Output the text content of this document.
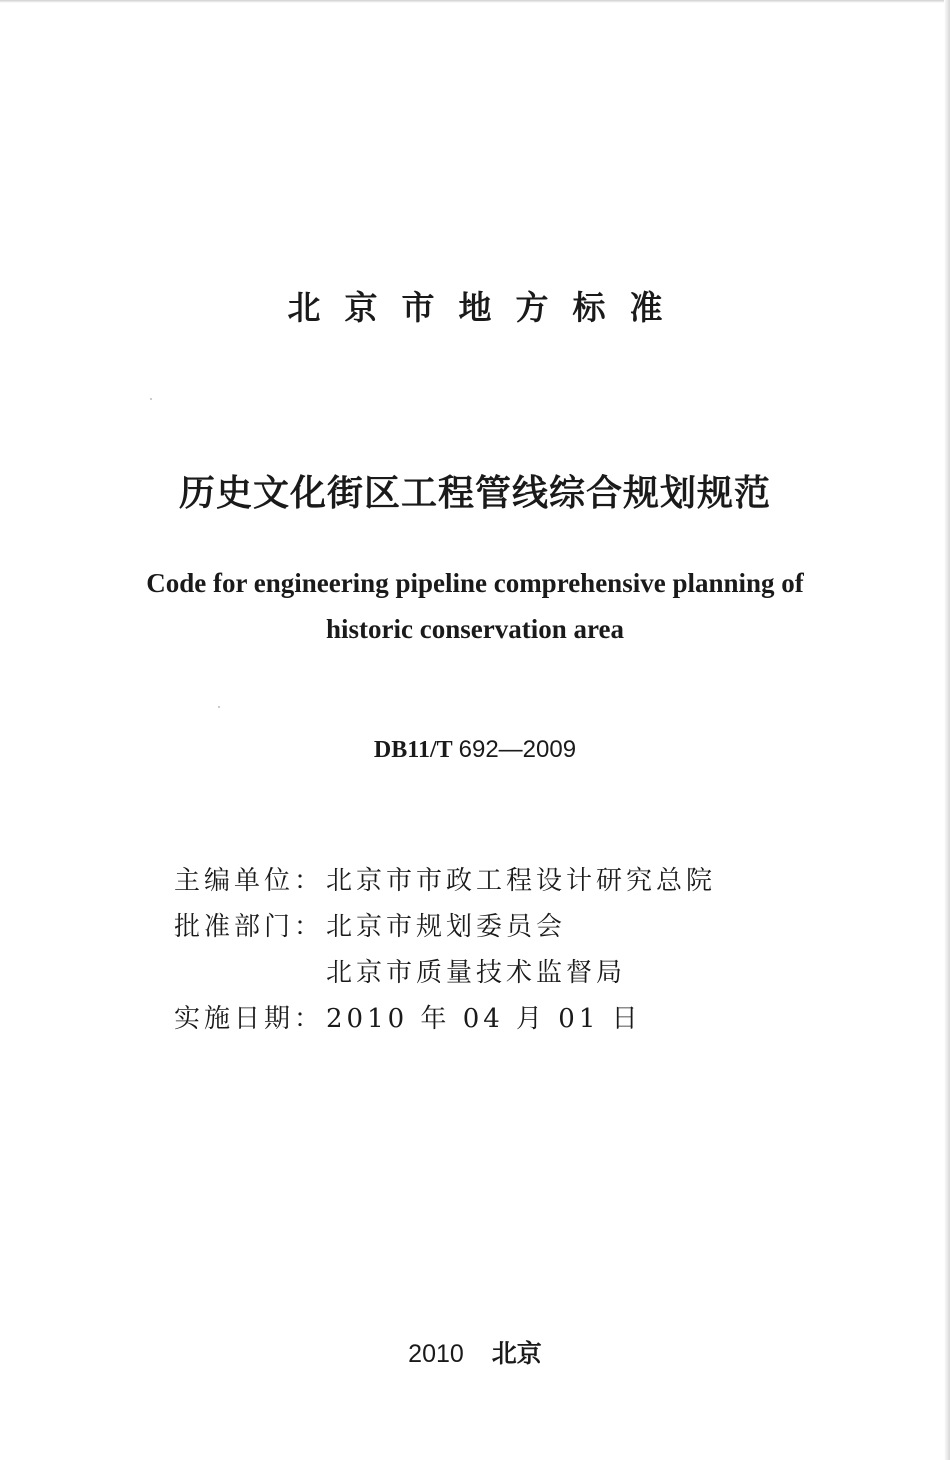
北京市地方标准
历史文化街区工程管线综合规划规范
Code for engineering pipeline comprehensive planning of
historic conservation area
DB11/T 692—2009
主编单位：北京市市政工程设计研究总院
批准部门：北京市规划委员会
北京市质量技术监督局
实施日期：2010 年 04 月 01 日
2010 北京
